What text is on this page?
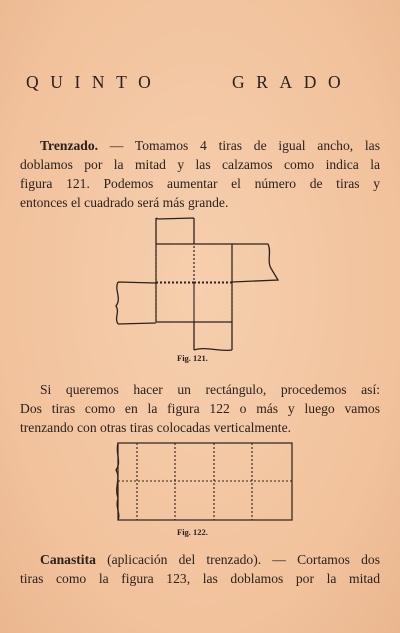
QUINTO	GRADO
Trenzado. — Tomamos 4 tiras de igual ancho, las
doblamos por la mitad y las calzamos como indica la
figura 121. Podemos aumentar el número de tiras y
entonces el cuadrado será más grande.
Fig. 121.
Si queremos hacer un rectángulo, procedemos así:
Dos tiras como en la figura 122 o más y luego vamos
trenzando con otras tiras colocadas verticalmente.
Fig. 122.
Canastita (aplicación del trenzado). — Cortamos dos
tiras como la figura 123, las doblamos por la mitad
